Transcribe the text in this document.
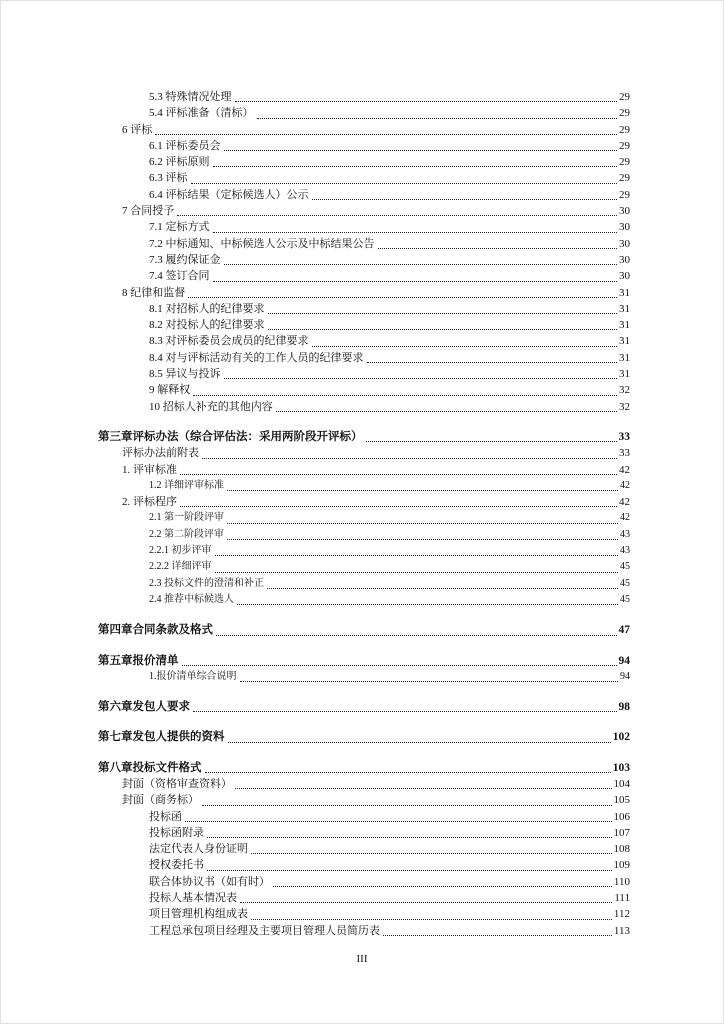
5.3 特殊情况处理	29
5.4 评标准备（清标）	29
6 评标	29
6.1 评标委员会	29
6.2 评标原则	29
6.3 评标	29
6.4 评标结果（定标候选人）公示	29
7 合同授予	30
7.1 定标方式	30
7.2 中标通知、中标候选人公示及中标结果公告	30
7.3 履约保证金	30
7.4 签订合同	30
8 纪律和监督	31
8.1 对招标人的纪律要求	31
8.2 对投标人的纪律要求	31
8.3 对评标委员会成员的纪律要求	31
8.4 对与评标活动有关的工作人员的纪律要求	31
8.5 异议与投诉	31
9 解释权	32
10 招标人补充的其他内容	32
第三章评标办法（综合评估法：采用两阶段开评标）	33
评标办法前附表	33
1. 评审标准	42
1.2 详细评审标准	42
2. 评标程序	42
2.1 第一阶段评审	42
2.2 第二阶段评审	43
2.2.1 初步评审	43
2.2.2 详细评审	45
2.3 投标文件的澄清和补正	45
2.4 推荐中标候选人	45
第四章合同条款及格式	47
第五章报价清单	94
1.报价清单综合说明	94
第六章发包人要求	98
第七章发包人提供的资料	102
第八章投标文件格式	103
封面（资格审查资料）	104
封面（商务标）	105
投标函	106
投标函附录	107
法定代表人身份证明	108
授权委托书	109
联合体协议书（如有时）	110
投标人基本情况表	111
项目管理机构组成表	112
工程总承包项目经理及主要项目管理人员简历表	113
III
